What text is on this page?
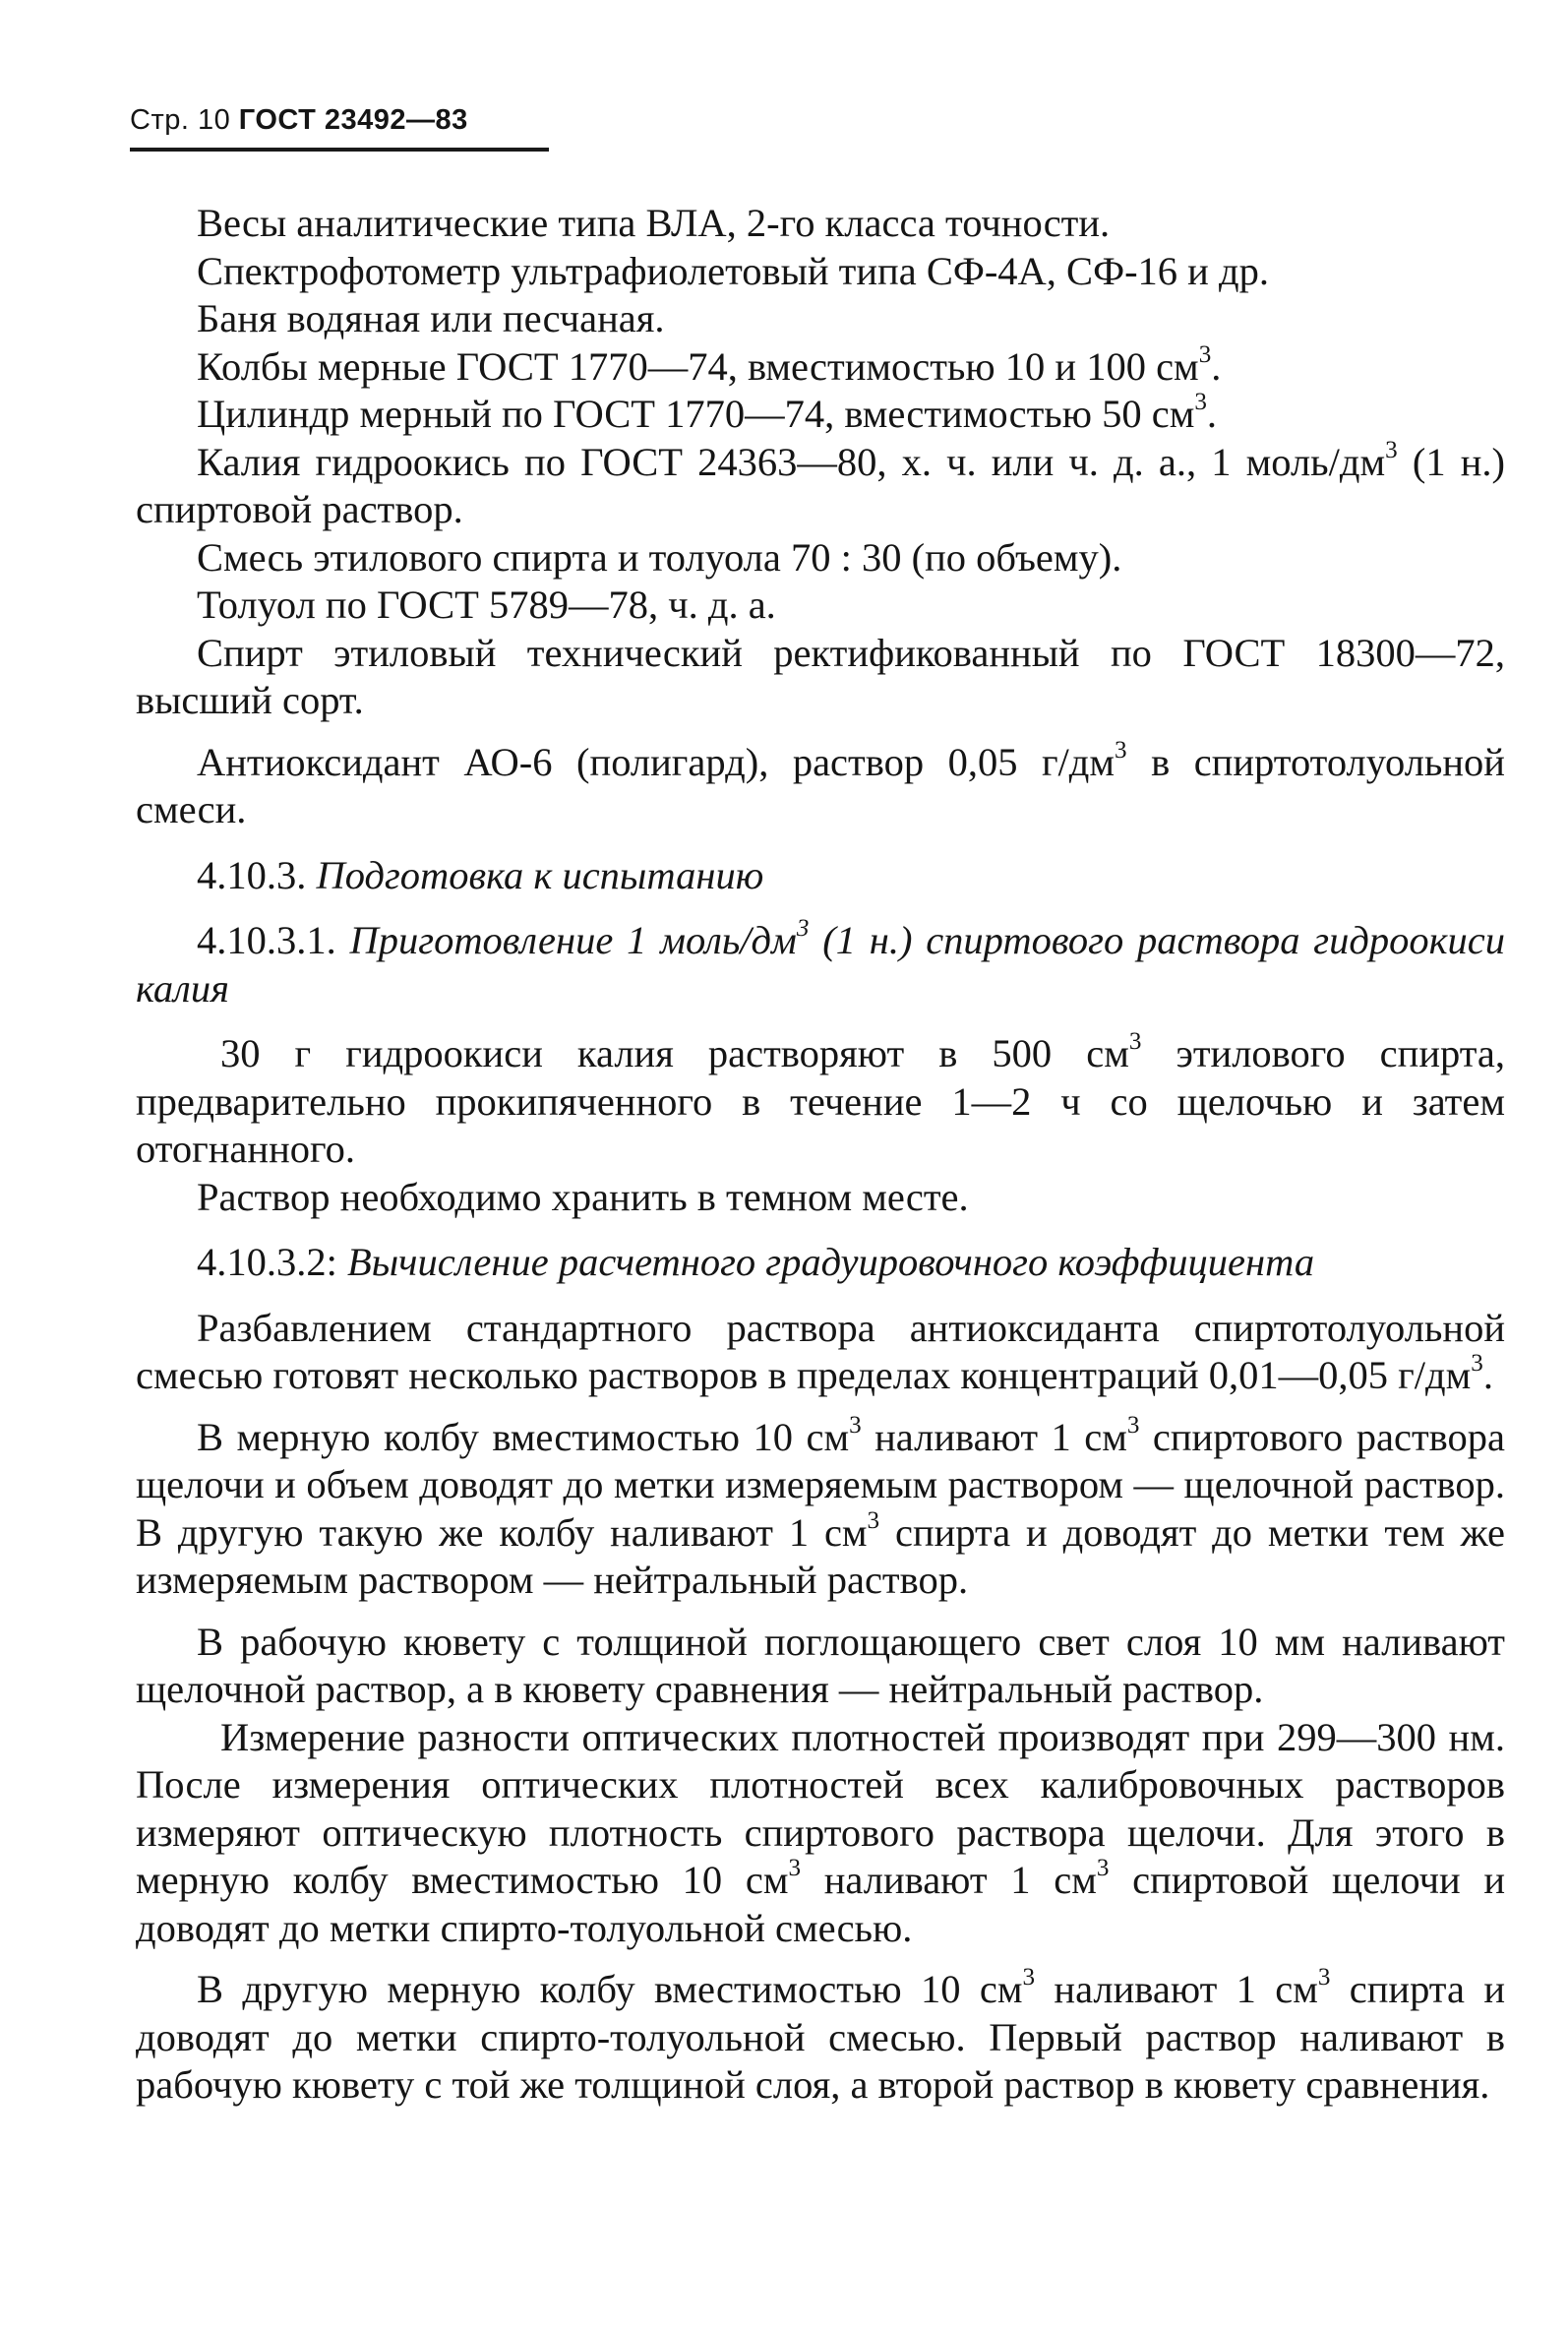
Стр. 10 ГОСТ 23492—83

Весы аналитические типа ВЛА, 2-го класса точности.

Спектрофотометр ультрафиолетовый типа СФ-4А, СФ-16 и др.

Баня водяная или песчаная.

Колбы мерные ГОСТ 1770—74, вместимостью 10 и 100 $см^3$.

Цилиндр мерный по ГОСТ 1770—74, вместимостью 50 $см^3$.

Калия гидроокись по ГОСТ 24363—80, х. ч. или ч. д. а., 1 моль/$дм^3$ (1 н.) спиртовой раствор.

Смесь этилового спирта и толуола 70 : 30 (по объему).

Толуол по ГОСТ 5789—78, ч. д. а.

Спирт этиловый технический ректификованный по ГОСТ 18300—72, высший сорт.

Антиоксидант АО-6 (полигард), раствор 0,05 $г/дм^3$ в спиртотолуольной смеси.

4.10.3. Подготовка к испытанию

4.10.3.1. Приготовление 1 моль/$дм^3$ (1 н.) спиртового раствора гидроокиси калия

30 г гидроокиси калия растворяют в 500 $см^3$ этилового спирта, предварительно прокипяченного в течение 1—2 ч со щелочью и затем отогнанного.

Раствор необходимо хранить в темном месте.

4.10.3.2: Вычисление расчетного градуировочного коэффициента

Разбавлением стандартного раствора антиоксиданта спиртотолуольной смесью готовят несколько растворов в пределах концентраций 0,01—0,05 $г/дм^3$.

В мерную колбу вместимостью 10 $см^3$ наливают 1 $см^3$ спиртового раствора щелочи и объем доводят до метки измеряемым раствором — щелочной раствор. В другую такую же колбу наливают 1 $см^3$ спирта и доводят до метки тем же измеряемым раствором — нейтральный раствор.

В рабочую кювету с толщиной поглощающего свет слоя 10 мм наливают щелочной раствор, а в кювету сравнения — нейтральный раствор.

Измерение разности оптических плотностей производят при 299—300 нм. После измерения оптических плотностей всех калибровочных растворов измеряют оптическую плотность спиртового раствора щелочи. Для этого в мерную колбу вместимостью 10 $см^3$ наливают 1 $см^3$ спиртовой щелочи и доводят до метки спирто-толуольной смесью.

В другую мерную колбу вместимостью 10 $см^3$ наливают 1 $см^3$ спирта и доводят до метки спирто-толуольной смесью. Первый раствор наливают в рабочую кювету с той же толщиной слоя, а второй раствор в кювету сравнения.
